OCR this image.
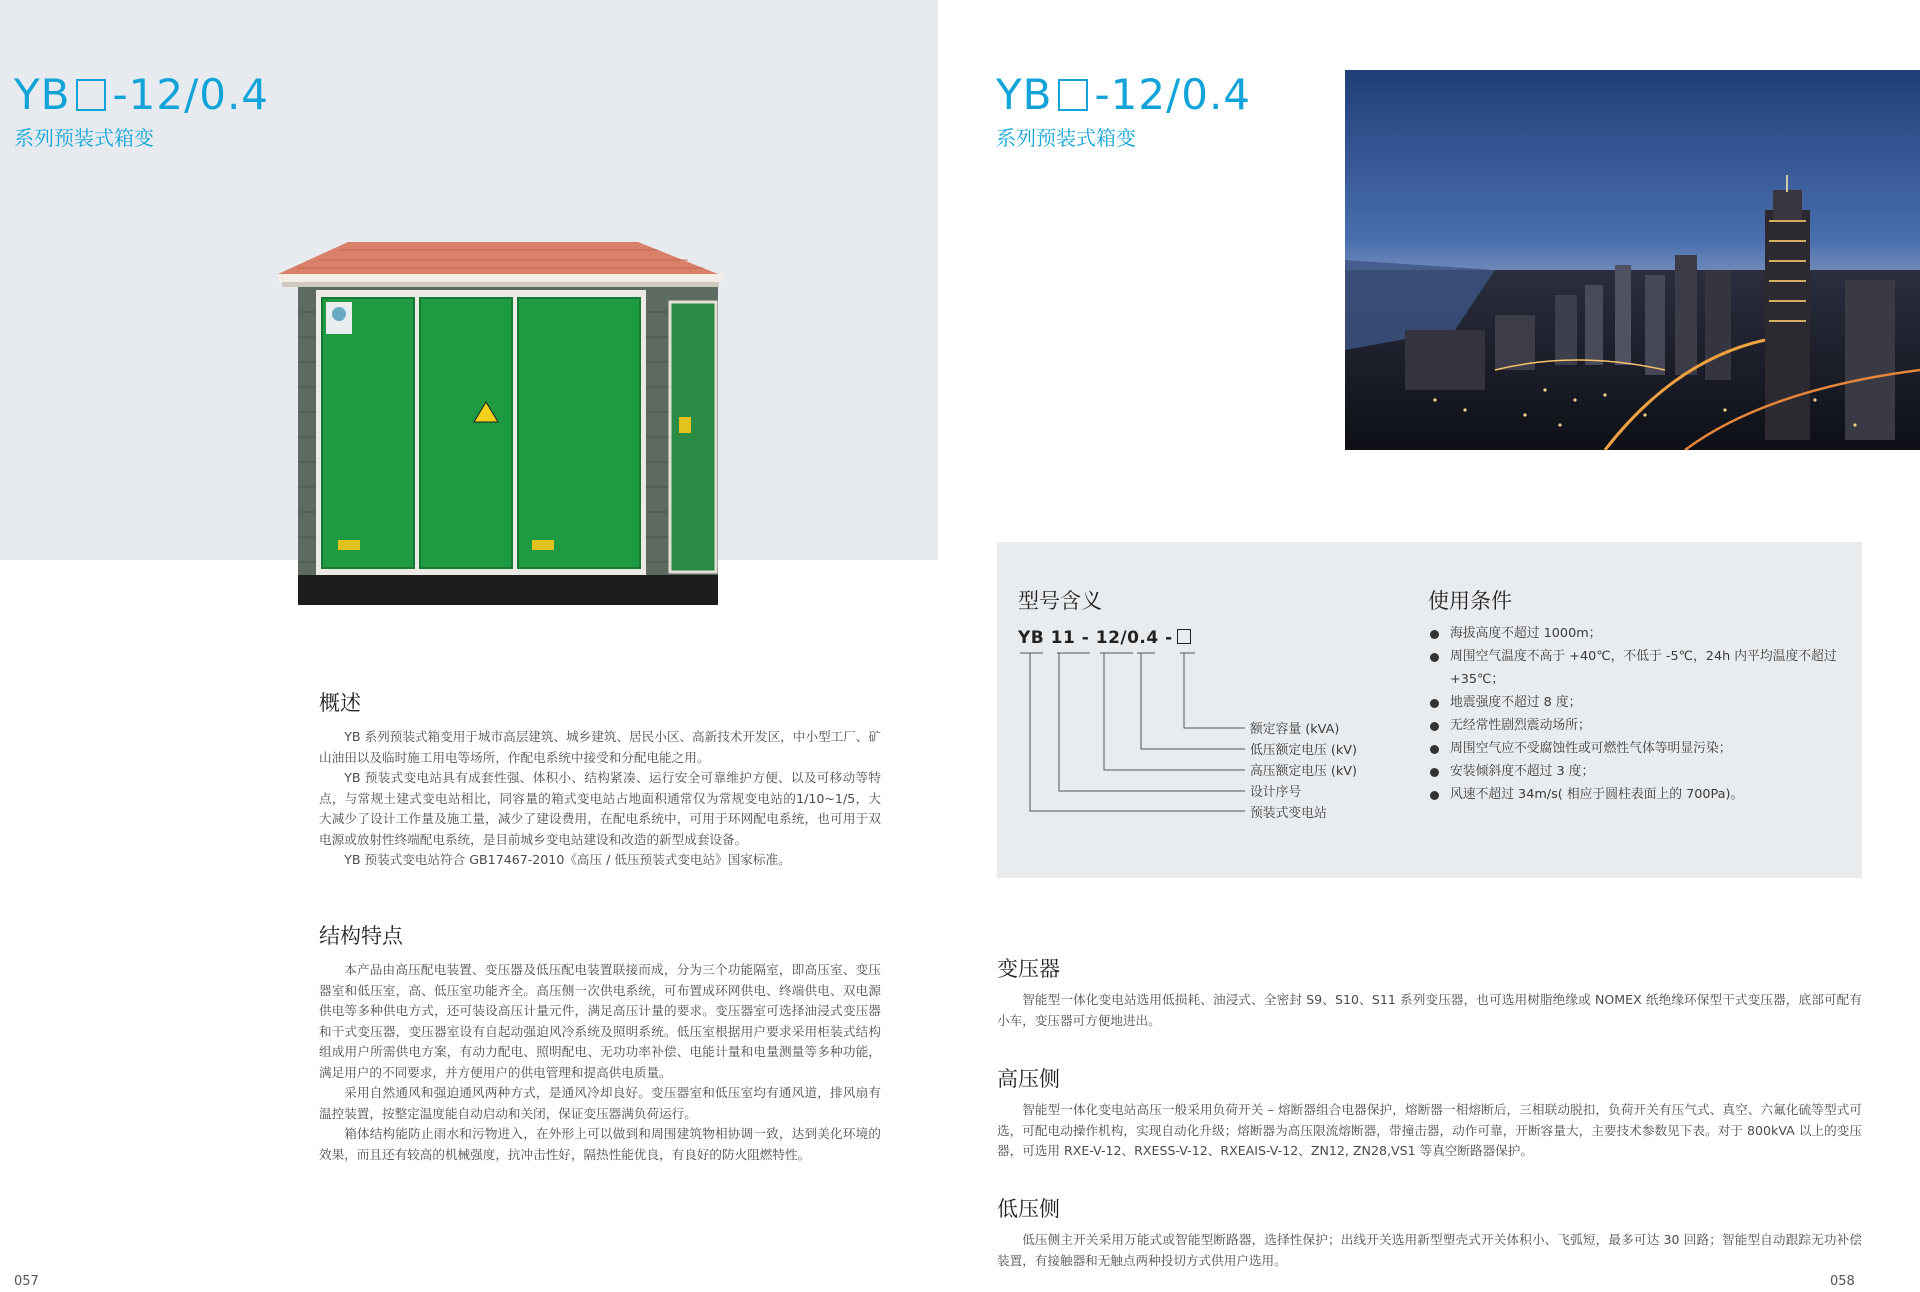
YB -12/0.4
系列预装式箱变
概述

YB 系列预装式箱变用于城市高层建筑、城乡建筑、居民小区、高新技术开发区，中小型工厂、矿山油田以及临时施工用电等场所，作配电系统中接受和分配电能之用。

YB 预装式变电站具有成套性强、体积小、结构紧凑、运行安全可靠维护方便、以及可移动等特点，与常规土建式变电站相比，同容量的箱式变电站占地面积通常仅为常规变电站的1/10~1/5，大大减少了设计工作量及施工量，减少了建设费用，在配电系统中，可用于环网配电系统，也可用于双电源或放射性终端配电系统，是目前城乡变电站建设和改造的新型成套设备。

YB 预装式变电站符合 GB17467-2010《高压 / 低压预装式变电站》国家标准。

结构特点

本产品由高压配电装置、变压器及低压配电装置联接而成，分为三个功能隔室，即高压室、变压器室和低压室，高、低压室功能齐全。高压侧一次供电系统，可布置成环网供电、终端供电、双电源供电等多种供电方式，还可装设高压计量元件，满足高压计量的要求。变压器室可选择油浸式变压器和干式变压器，变压器室设有自起动强迫风冷系统及照明系统。低压室根据用户要求采用柜装式结构组成用户所需供电方案，有动力配电、照明配电、无功功率补偿、电能计量和电量测量等多种功能，满足用户的不同要求，并方便用户的供电管理和提高供电质量。

采用自然通风和强迫通风两种方式，是通风冷却良好。变压器室和低压室均有通风道，排风扇有温控装置，按整定温度能自动启动和关闭，保证变压器满负荷运行。

箱体结构能防止雨水和污物进入，在外形上可以做到和周围建筑物相协调一致，达到美化环境的效果，而且还有较高的机械强度，抗冲击性好，隔热性能优良，有良好的防火阻燃特性。

057
YB -12/0.4
系列预装式箱变
型号含义
YB 11 - 12/0.4 -
额定容量 (kVA)
低压额定电压 (kV)
高压额定电压 (kV)
设计序号
预装式变电站
使用条件
海拔高度不超过 1000m；
周围空气温度不高于 +40℃，不低于 -5℃，24h 内平均温度不超过 +35℃；
地震强度不超过 8 度；
无经常性剧烈震动场所；
周围空气应不受腐蚀性或可燃性气体等明显污染；
安装倾斜度不超过 3 度；
风速不超过 34m/s( 相应于圆柱表面上的 700Pa)。
变压器

智能型一体化变电站选用低损耗、油浸式、全密封 S9、S10、S11 系列变压器，也可选用树脂绝缘或 NOMEX 纸绝缘环保型干式变压器，底部可配有小车，变压器可方便地进出。

高压侧

智能型一体化变电站高压一般采用负荷开关 – 熔断器组合电器保护，熔断器一相熔断后，三相联动脱扣，负荷开关有压气式、真空、六氟化硫等型式可选，可配电动操作机构，实现自动化升级；熔断器为高压限流熔断器，带撞击器，动作可靠，开断容量大，主要技术参数见下表。对于 800kVA 以上的变压器，可选用 RXE-V-12、RXESS-V-12、RXEAIS-V-12、ZN12, ZN28,VS1 等真空断路器保护。

低压侧

低压侧主开关采用万能式或智能型断路器，选择性保护；出线开关选用新型塑壳式开关体积小、飞弧短，最多可达 30 回路；智能型自动跟踪无功补偿装置，有接触器和无触点两种投切方式供用户选用。

058
